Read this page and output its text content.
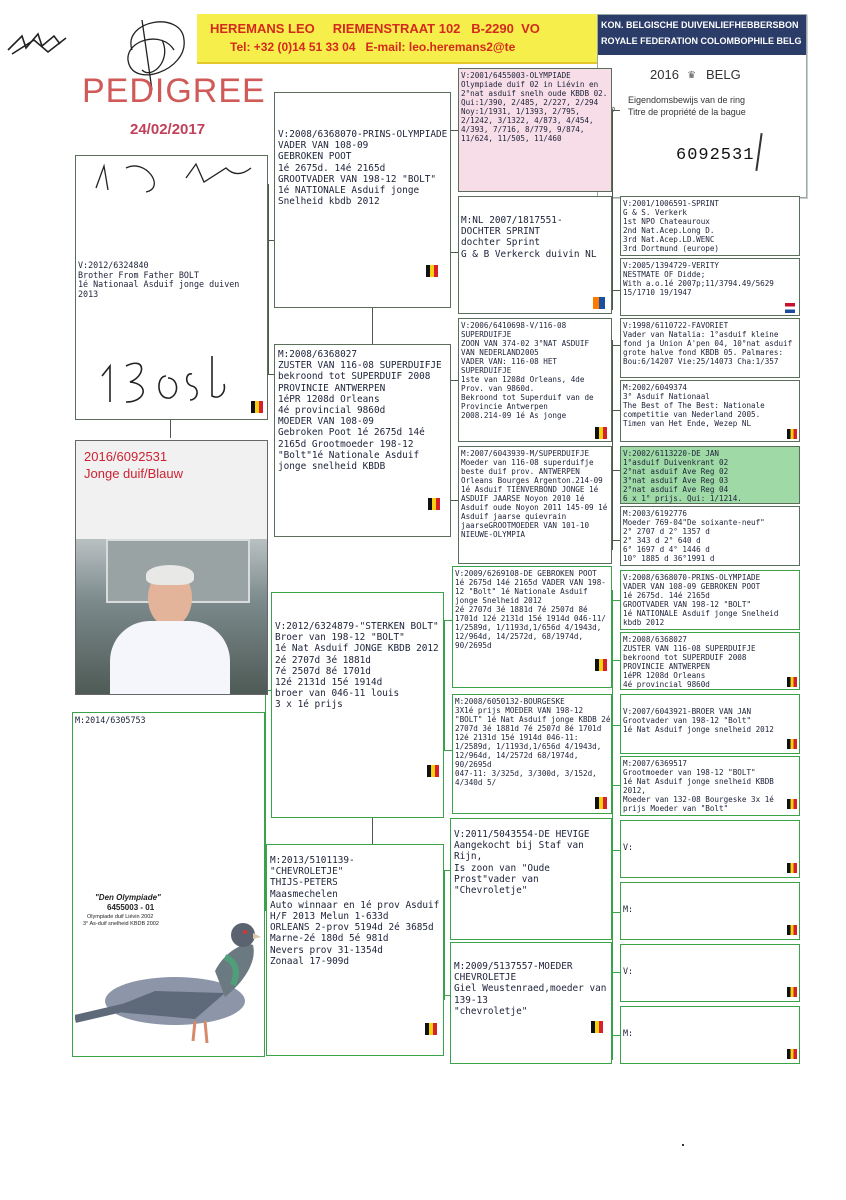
HEREMANS LEO     RIEMENSTRAAT 102   B-2290  VO
Tel: +32 (0)14 51 33 04   E-mail: leo.heremans2@te
PEDIGREE
24/02/2017
KON. BELGISCHE DUIVENLIEFHEBBERSBON
ROYALE FEDERATION COLOMBOPHILE BELG
2016 ♛ BELG
Eigendomsbewijs van de ring
Titre de propriété de la bague
6092531
V:2012/6324840
Brother From Father BOLT
1é Nationaal Asduif jonge duiven 2013
2016/6092531
Jonge duif/Blauw
M:2014/6305753
"Den Olympiade"
6455003 - 01
Olympiade duif Liévin 2002
3° As-duif snelheid KBDB 2002
V:2008/6368070-PRINS-OLYMPIADE
VADER VAN 108-09
GEBROKEN POOT
1é 2675d. 14é 2165d
GROOTVADER VAN 198-12 "BOLT"
1é NATIONALE Asduif jonge Snelheid kbdb 2012
M:2008/6368027
ZUSTER VAN 116-08 SUPERDUIFJE bekroond tot SUPERDUIF 2008
PROVINCIE ANTWERPEN
1éPR 1208d Orleans
4é provincial 9860d
MOEDER VAN 108-09
Gebroken Poot 1é 2675d 14é 2165d Grootmoeder 198-12 "Bolt"1é Nationale Asduif jonge snelheid KBDB
V:2012/6324879-"STERKEN BOLT"
Broer van 198-12 "BOLT"
1é Nat Asduif JONGE KBDB 2012
2é 2707d 3é 1881d
7é 2507d 8é 1701d
12é 2131d 15é 1914d
broer van 046-11 louis
3 x 1é prijs
M:2013/5101139-
"CHEVROLETJE"
THIJS-PETERS
Maasmechelen
Auto winnaar en 1é prov Asduif H/F 2013 Melun 1-633d
ORLEANS 2-prov 5194d 2é 3685d
Marne-2é 180d 5é 981d
Nevers prov 31-1354d
Zonaal 17-909d
V:2001/6455003-OLYMPIADE
Olympiade duif 02 in Liévin en 2°nat asduif snelh oude KBDB 02.
Qui:1/390, 2/485, 2/227, 2/294
Noy:1/1931, 1/1393, 2/795, 2/1242, 3/1322, 4/873, 4/454, 4/393, 7/716, 8/779, 9/874, 11/624, 11/505, 11/460
M:NL 2007/1817551-
DOCHTER SPRINT
dochter Sprint
G & B Verkerck duivin NL
V:2006/6410698-V/116-08 SUPERDUIFJE
ZOON VAN 374-02 3°NAT ASDUIF
VAN NEDERLAND2005
VADER VAN: 116-08 HET SUPERDUIFJE
1ste van 1208d Orleans, 4de Prov. van 9860d.
Bekroond tot Superduif van de Provincie Antwerpen
2008.214-09 1é As jonge
M:2007/6043939-M/SUPERDUIFJE
Moeder van 116-08 superduifje beste duif prov. ANTWERPEN Orleans Bourges Argenton.214-09 1é Asduif TIENVERBOND JONGE 1é ASDUIF JAARSE Noyon 2010 1é Asduif oude Noyon 2011 145-09 1é Asduif jaarse quievrain jaarseGROOTMOEDER VAN 101-10 NIEUWE-OLYMPIA
V:2009/6269108-DE GEBROKEN POOT
1é 2675d 14é 2165d VADER VAN 198-12 "Bolt" 1é Nationale Asduif jonge Snelheid 2012
2é 2707d 3é 1881d 7é 2507d 8é 1701d 12é 2131d 15é 1914d 046-11/ 1/2589d, 1/1193d,1/656d 4/1943d, 12/964d, 14/2572d, 68/1974d, 90/2695d
M:2008/6050132-BOURGESKE
3X1é prijs MOEDER VAN 198-12 "BOLT" 1é Nat Asduif jonge KBDB 2é 2707d 3é 1881d 7é 2507d 8é 1701d 12é 2131d 15é 1914d 046-11: 1/2589d, 1/1193d,1/656d 4/1943d, 12/964d, 14/2572d 68/1974d, 90/2695d
047-11: 3/325d, 3/300d, 3/152d, 4/340d 5/
V:2011/5043554-DE HEVIGE
Aangekocht bij Staf van Rijn,
Is zoon van "Oude Prost"vader van "Chevroletje"
M:2009/5137557-MOEDER CHEVROLETJE
Giel Weustenraed,moeder van 139-13
"chevroletje"
V:2001/1006591-SPRINT
G & S. Verkerk
1st NPO Chateauroux
2nd Nat.Acep.Long D.
3rd Nat.Acep.LD.WENC
3rd Dortmund (europe)
V:2005/1394729-VERITY
NESTMATE OF Didde;
With a.o.1é 2007p;11/3794.49/5629
15/1710 19/1947
V:1998/6110722-FAVORIET
Vader van Natalia: 1°asduif kleine fond ja Union A'pen 04, 10°nat asduif grote halve fond KBDB 05. Palmares: Bou:6/14207 Vie:25/14073 Cha:1/357
M:2002/6049374
3° Asduif Nationaal
The Best of The Best: Nationale competitie van Nederland 2005.
Timen van Het Ende, Wezep NL
V:2002/6113220-DE JAN
1°asduif Duivenkrant 02
2°nat asduif Ave Reg 02
3°nat asduif Ave Reg 03
2°nat asduif Ave Reg 04
6 x 1° prijs. Qui: 1/1214.
M:2003/6192776
Moeder 769-04"De soixante-neuf"
2° 2707 d 2° 1357 d
2° 343 d 2° 640 d
6° 1697 d 4° 1446 d
10° 1885 d 36°1991 d
V:2008/6368070-PRINS-OLYMPIADE
VADER VAN 108-09 GEBROKEN POOT
1é 2675d. 14é 2165d
GROOTVADER VAN 198-12 "BOLT"
1é NATIONALE Asduif jonge Snelheid kbdb 2012
M:2008/6368027
ZUSTER VAN 116-08 SUPERDUIFJE
bekroond tot SUPERDUIF 2008
PROVINCIE ANTWERPEN
1éPR 1208d Orleans
4é provincial 9860d
V:2007/6043921-BROER VAN JAN
Grootvader van 198-12 "Bolt"
1é Nat Asduif jonge snelheid 2012
M:2007/6369517
Grootmoeder van 198-12 "BOLT"
1é Nat Asduif jonge snelheid KBDB 2012,
Moeder van 132-08 Bourgeske 3x 1é prijs Moeder van "Bolt"
V:
M:
V:
M:
